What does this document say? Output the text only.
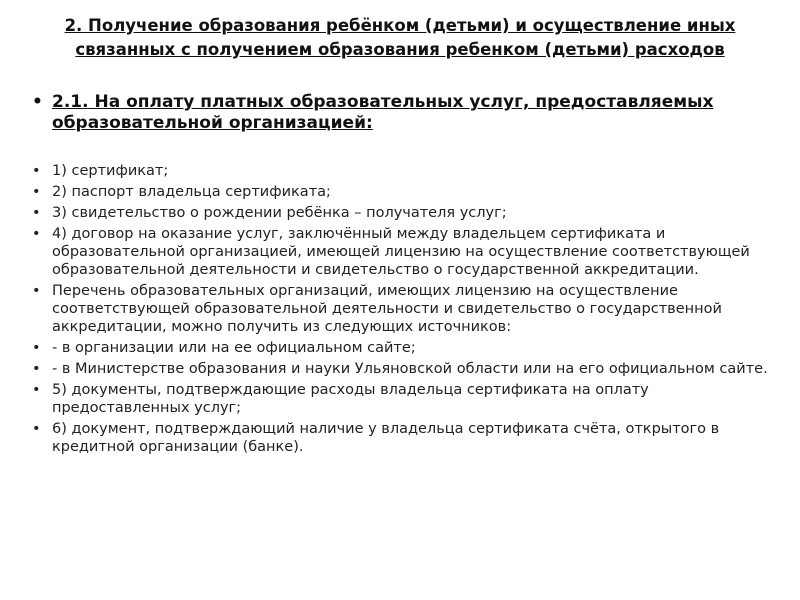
2. Получение образования ребёнком (детьми) и осуществление иных связанных с получением образования ребенком (детьми) расходов
• 2.1. На оплату платных образовательных услуг, предоставляемых образовательной организацией:
• 1) сертификат;
• 2) паспорт владельца сертификата;
• 3) свидетельство о рождении ребёнка – получателя услуг;
• 4) договор на оказание услуг, заключённый между владельцем сертификата и образовательной организацией, имеющей лицензию на осуществление соответствующей образовательной деятельности и свидетельство о государственной аккредитации.
• Перечень образовательных организаций, имеющих лицензию на осуществление соответствующей образовательной деятельности и свидетельство о государственной аккредитации, можно получить из следующих источников:
• - в организации или на ее официальном сайте;
• - в Министерстве образования и науки Ульяновской области или на его официальном сайте.
• 5) документы, подтверждающие расходы владельца сертификата на оплату предоставленных услуг;
• 6) документ, подтверждающий наличие у владельца сертификата счёта, открытого в кредитной организации (банке).
